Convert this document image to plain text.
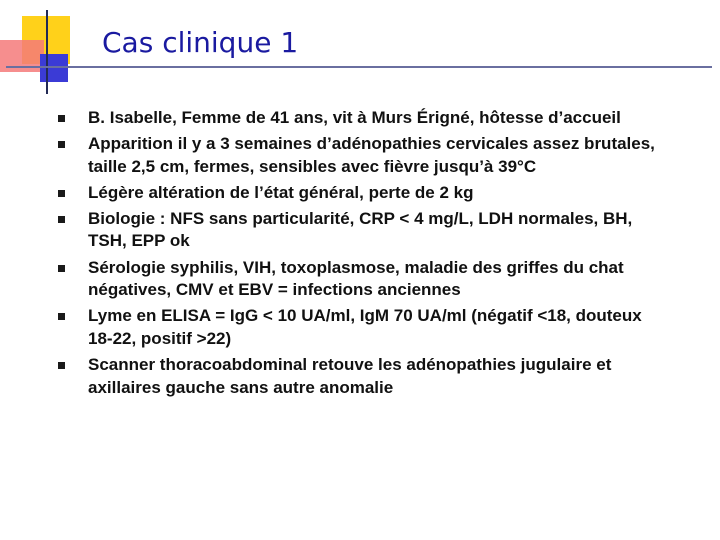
Cas clinique 1
B. Isabelle, Femme de 41 ans, vit à Murs Érigné, hôtesse d’accueil
Apparition il y a 3 semaines d’adénopathies cervicales assez brutales, taille 2,5 cm, fermes, sensibles avec fièvre jusqu’à 39°C
Légère altération de l’état général, perte de 2 kg
Biologie : NFS sans particularité, CRP < 4 mg/L, LDH normales, BH, TSH, EPP ok
Sérologie syphilis, VIH, toxoplasmose, maladie des griffes du chat négatives, CMV et EBV = infections anciennes
Lyme en ELISA = IgG < 10 UA/ml, IgM 70 UA/ml (négatif <18, douteux 18-22, positif >22)
Scanner thoracoabdominal retouve les adénopathies jugulaire et axillaires gauche sans autre anomalie
